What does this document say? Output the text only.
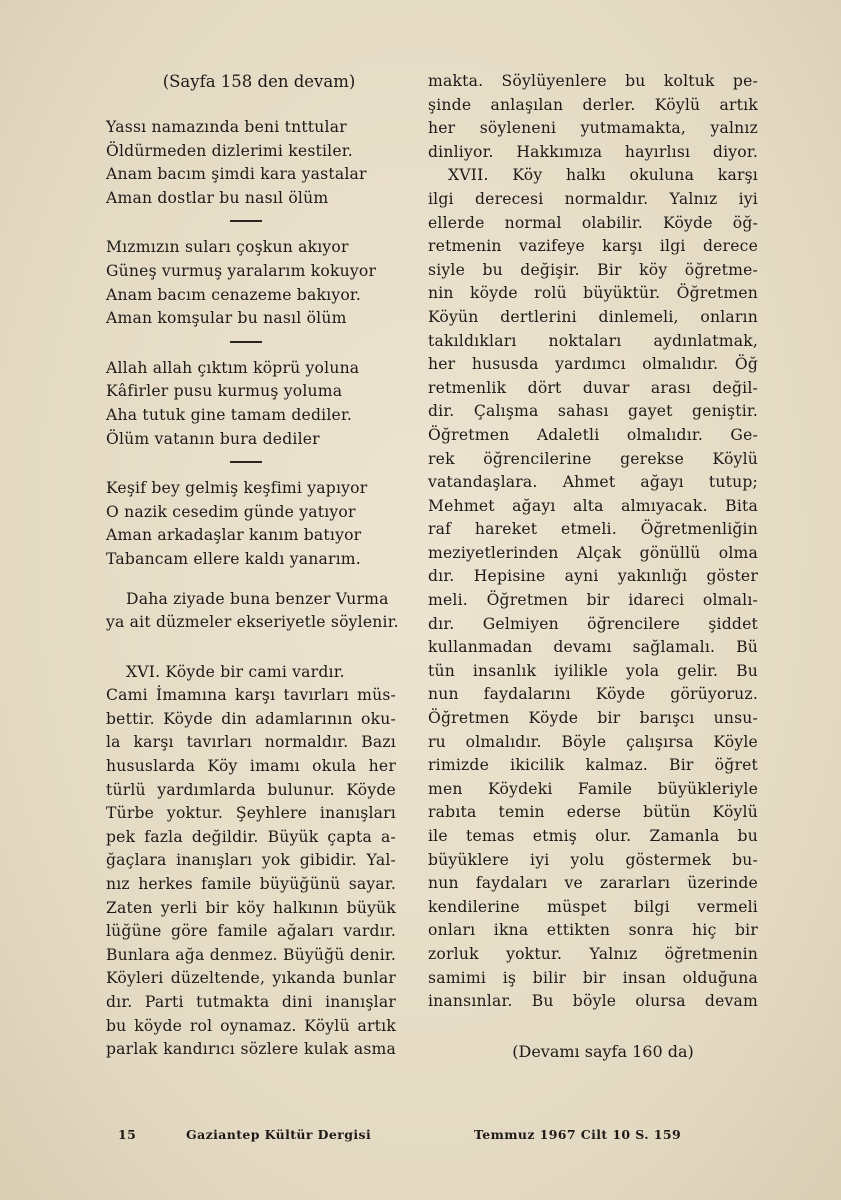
(Sayfa 158 den devam)
Yassı namazında beni tnttular
Öldürmeden dizlerimi kestiler.
Anam bacım şimdi kara yastalar
Aman dostlar bu nasıl ölüm
Mızmızın suları çoşkun akıyor
Güneş vurmuş yaralarım kokuyor
Anam bacım cenazeme bakıyor.
Aman komşular bu nasıl ölüm
Allah allah çıktım köprü yoluna
Kâfirler pusu kurmuş yoluma
Aha tutuk gine tamam dediler.
Ölüm vatanın bura dediler
Keşif bey gelmiş keşfimi yapıyor
O nazik cesedim günde yatıyor
Aman arkadaşlar kanım batıyor
Tabancam ellere kaldı yanarım.
Daha ziyade buna benzer Vurma
ya ait düzmeler ekseriyetle söylenir.
XVI. Köyde bir cami vardır.
Cami İmamına karşı tavırları müs-
bettir. Köyde din adamlarının oku-
la karşı tavırları normaldır. Bazı
hususlarda Köy imamı okula her
türlü yardımlarda bulunur. Köyde
Türbe yoktur. Şeyhlere inanışları
pek fazla değildir. Büyük çapta a-
ğaçlara inanışları yok gibidir. Yal-
nız herkes famile büyüğünü sayar.
Zaten yerli bir köy halkının büyük
lüğüne göre famile ağaları vardır.
Bunlara ağa denmez. Büyüğü denir.
Köyleri düzeltende, yıkanda bunlar
dır. Parti tutmakta dini inanışlar
bu köyde rol oynamaz. Köylü artık
parlak kandırıcı sözlere kulak asma
makta. Söylüyenlere bu koltuk pe-
şinde anlaşılan derler. Köylü artık
her söyleneni yutmamakta, yalnız
dinliyor. Hakkımıza hayırlısı diyor.
XVII. Köy halkı okuluna karşı
ilgi derecesi normaldır. Yalnız iyi
ellerde normal olabilir. Köyde öğ-
retmenin vazifeye karşı ilgi derece
siyle bu değişir. Bir köy öğretme-
nin köyde rolü büyüktür. Öğretmen
Köyün dertlerini dinlemeli, onların
takıldıkları noktaları aydınlatmak,
her hususda yardımcı olmalıdır. Öğ
retmenlik dört duvar arası değil-
dir. Çalışma sahası gayet geniştir.
Öğretmen Adaletli olmalıdır. Ge-
rek öğrencilerine gerekse Köylü
vatandaşlara. Ahmet ağayı tutup;
Mehmet ağayı alta almıyacak. Bita
raf hareket etmeli. Öğretmenliğin
meziyetlerinden Alçak gönüllü olma
dır. Hepisine ayni yakınlığı göster
meli. Öğretmen bir idareci olmalı-
dır. Gelmiyen öğrencilere şiddet
kullanmadan devamı sağlamalı. Bü
tün insanlık iyilikle yola gelir. Bu
nun faydalarını Köyde görüyoruz.
Öğretmen Köyde bir barışcı unsu-
ru olmalıdır. Böyle çalışırsa Köyle
rimizde ikicilik kalmaz. Bir öğret
men Köydeki Famile büyükleriyle
rabıta temin ederse bütün Köylü
ile temas etmiş olur. Zamanla bu
büyüklere iyi yolu göstermek bu-
nun faydaları ve zararları üzerinde
kendilerine müspet bilgi vermeli
onları ikna ettikten sonra hiç bir
zorluk yoktur. Yalnız öğretmenin
samimi iş bilir bir insan olduğuna
inansınlar. Bu böyle olursa devam
(Devamı sayfa 160 da)
15	Gaziantep Kültür Dergisi	Temmuz 1967 Cilt 10 S. 159
